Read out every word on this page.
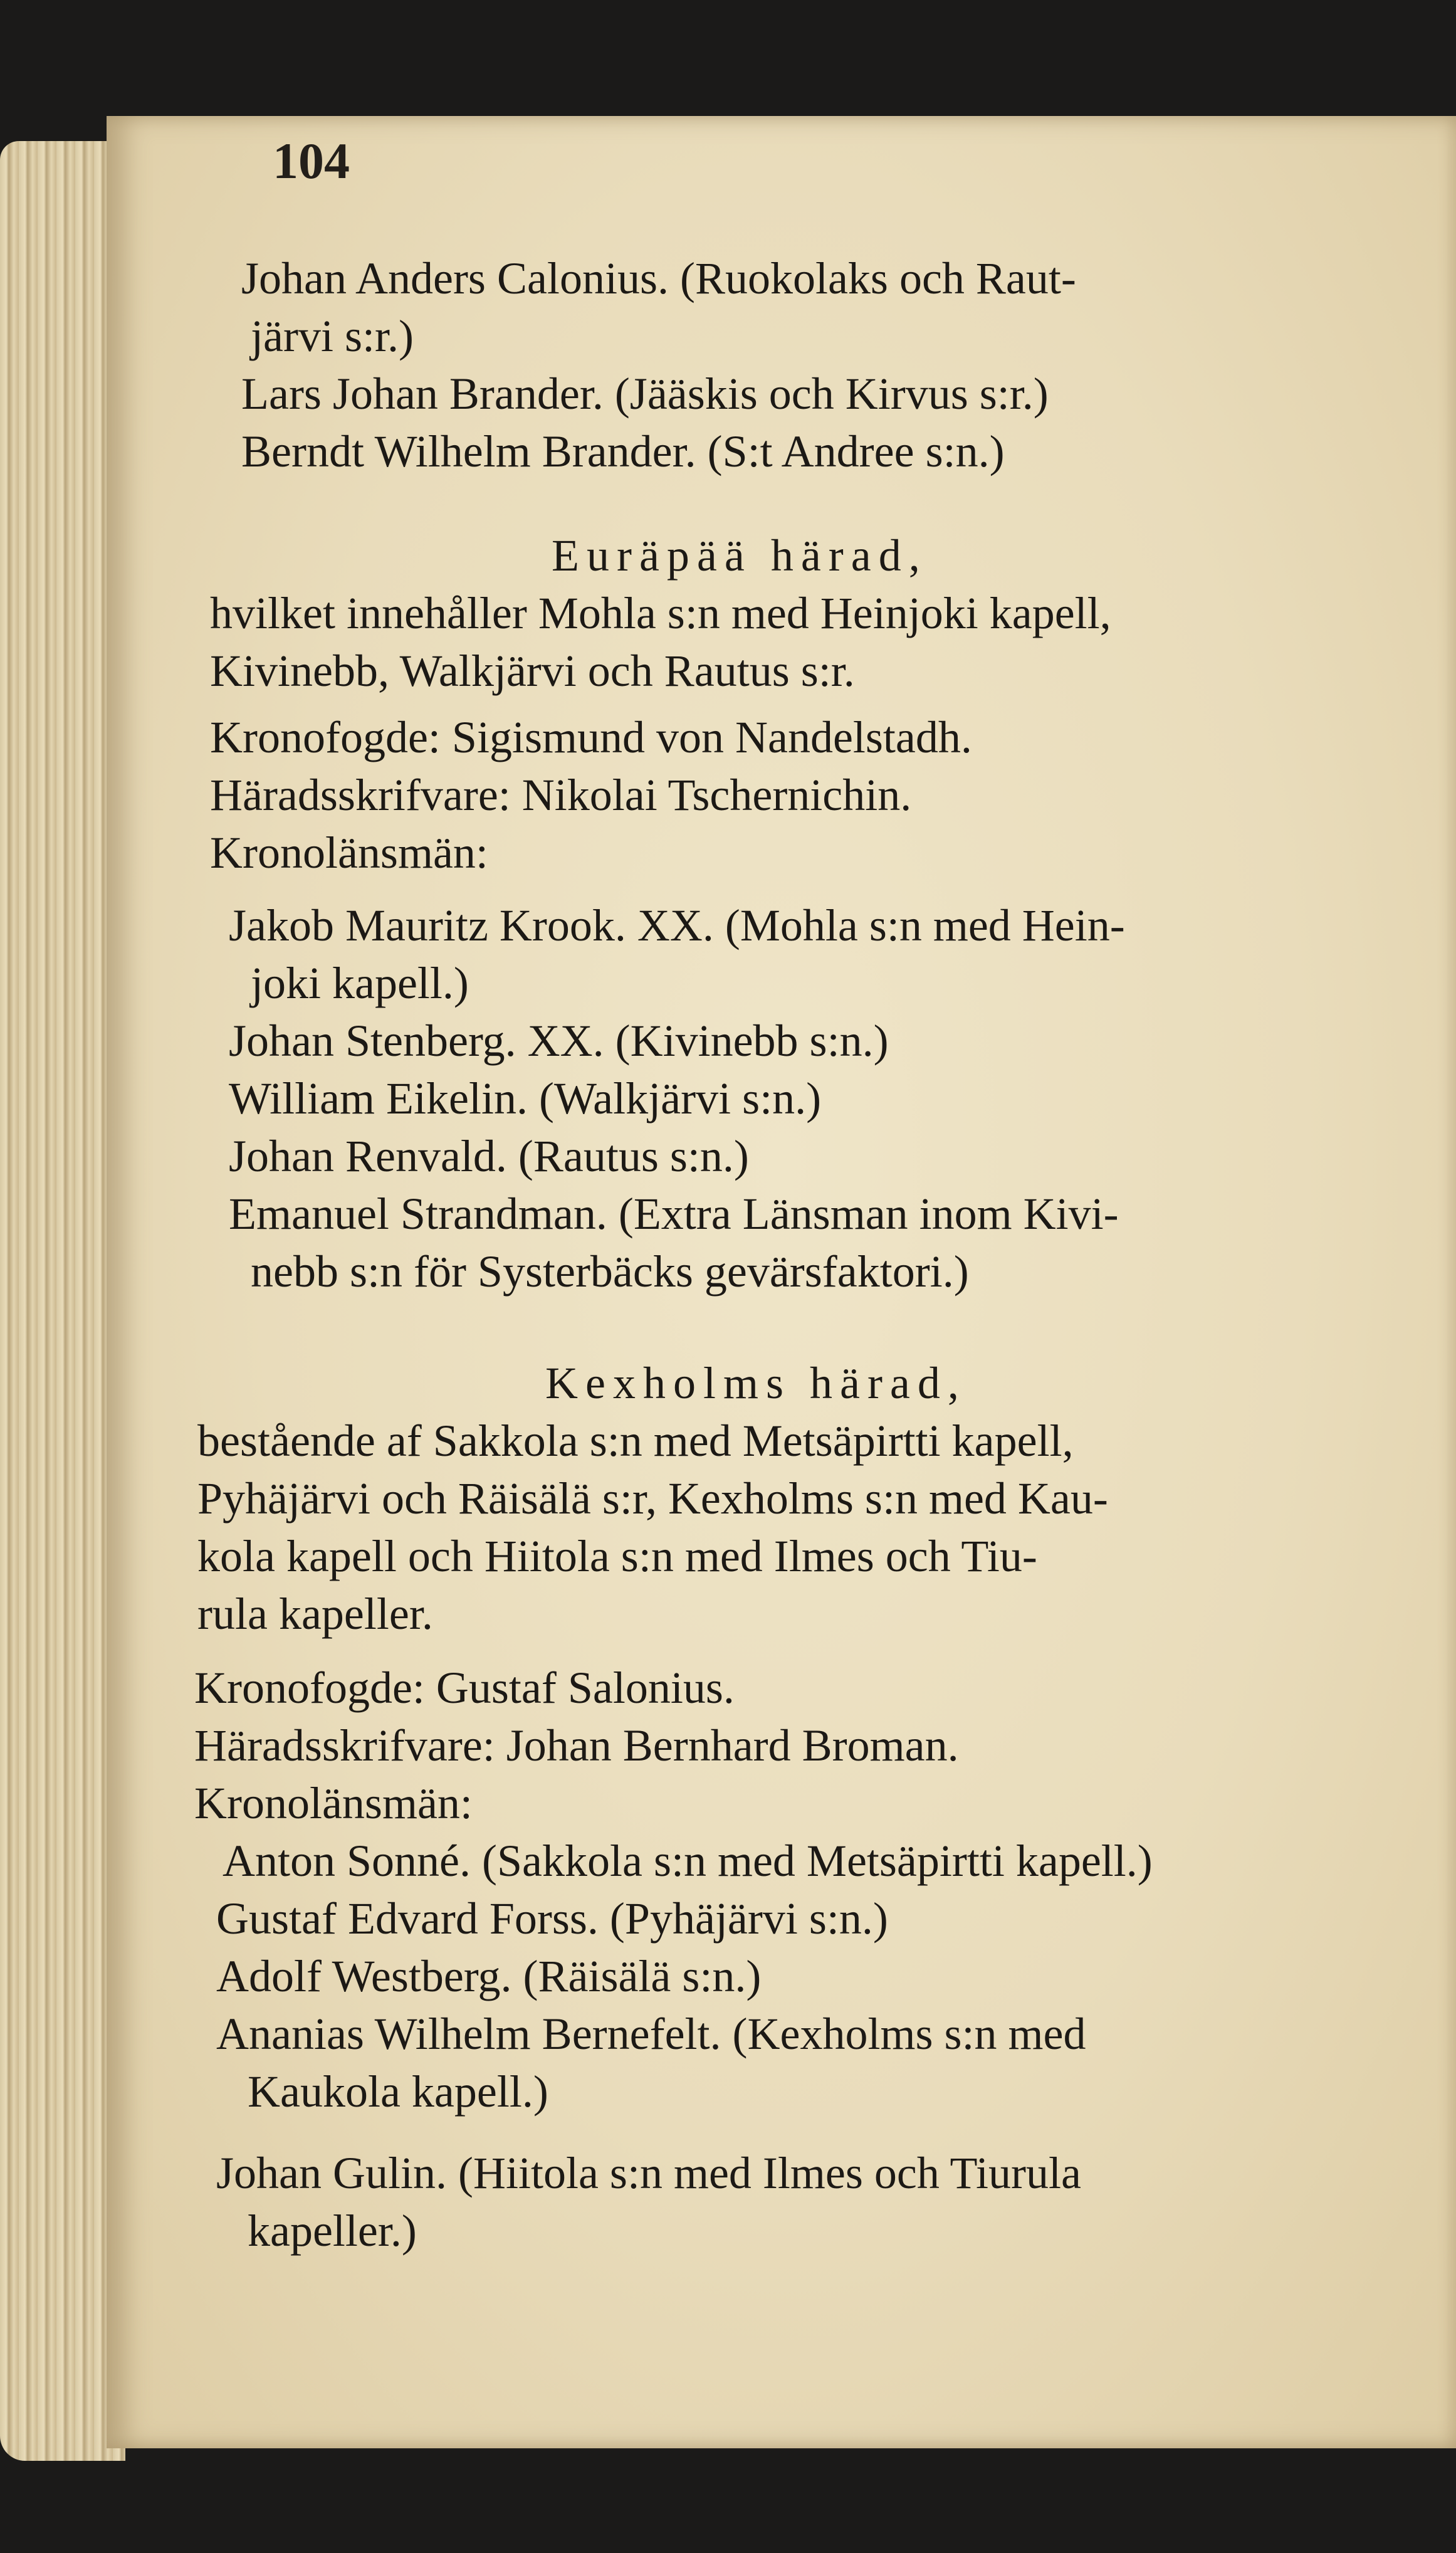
104
Johan Anders Calonius. (Ruokolaks och Raut-
järvi s:r.)
Lars Johan Brander. (Jääskis och Kirvus s:r.)
Berndt Wilhelm Brander. (S:t Andree s:n.)
Euräpää härad,
hvilket innehåller Mohla s:n med Heinjoki kapell,
Kivinebb, Walkjärvi och Rautus s:r.
Kronofogde: Sigismund von Nandelstadh.
Häradsskrifvare: Nikolai Tschernichin.
Kronolänsmän:
Jakob Mauritz Krook. XX. (Mohla s:n med Hein-
joki kapell.)
Johan Stenberg. XX. (Kivinebb s:n.)
William Eikelin. (Walkjärvi s:n.)
Johan Renvald. (Rautus s:n.)
Emanuel Strandman. (Extra Länsman inom Kivi-
nebb s:n för Systerbäcks gevärsfaktori.)
Kexholms härad,
bestående af Sakkola s:n med Metsäpirtti kapell,
Pyhäjärvi och Räisälä s:r, Kexholms s:n med Kau-
kola kapell och Hiitola s:n med Ilmes och Tiu-
rula kapeller.
Kronofogde: Gustaf Salonius.
Häradsskrifvare: Johan Bernhard Broman.
Kronolänsmän:
Anton Sonné. (Sakkola s:n med Metsäpirtti kapell.)
Gustaf Edvard Forss. (Pyhäjärvi s:n.)
Adolf Westberg. (Räisälä s:n.)
Ananias Wilhelm Bernefelt. (Kexholms s:n med
Kaukola kapell.)
Johan Gulin. (Hiitola s:n med Ilmes och Tiurula
kapeller.)
